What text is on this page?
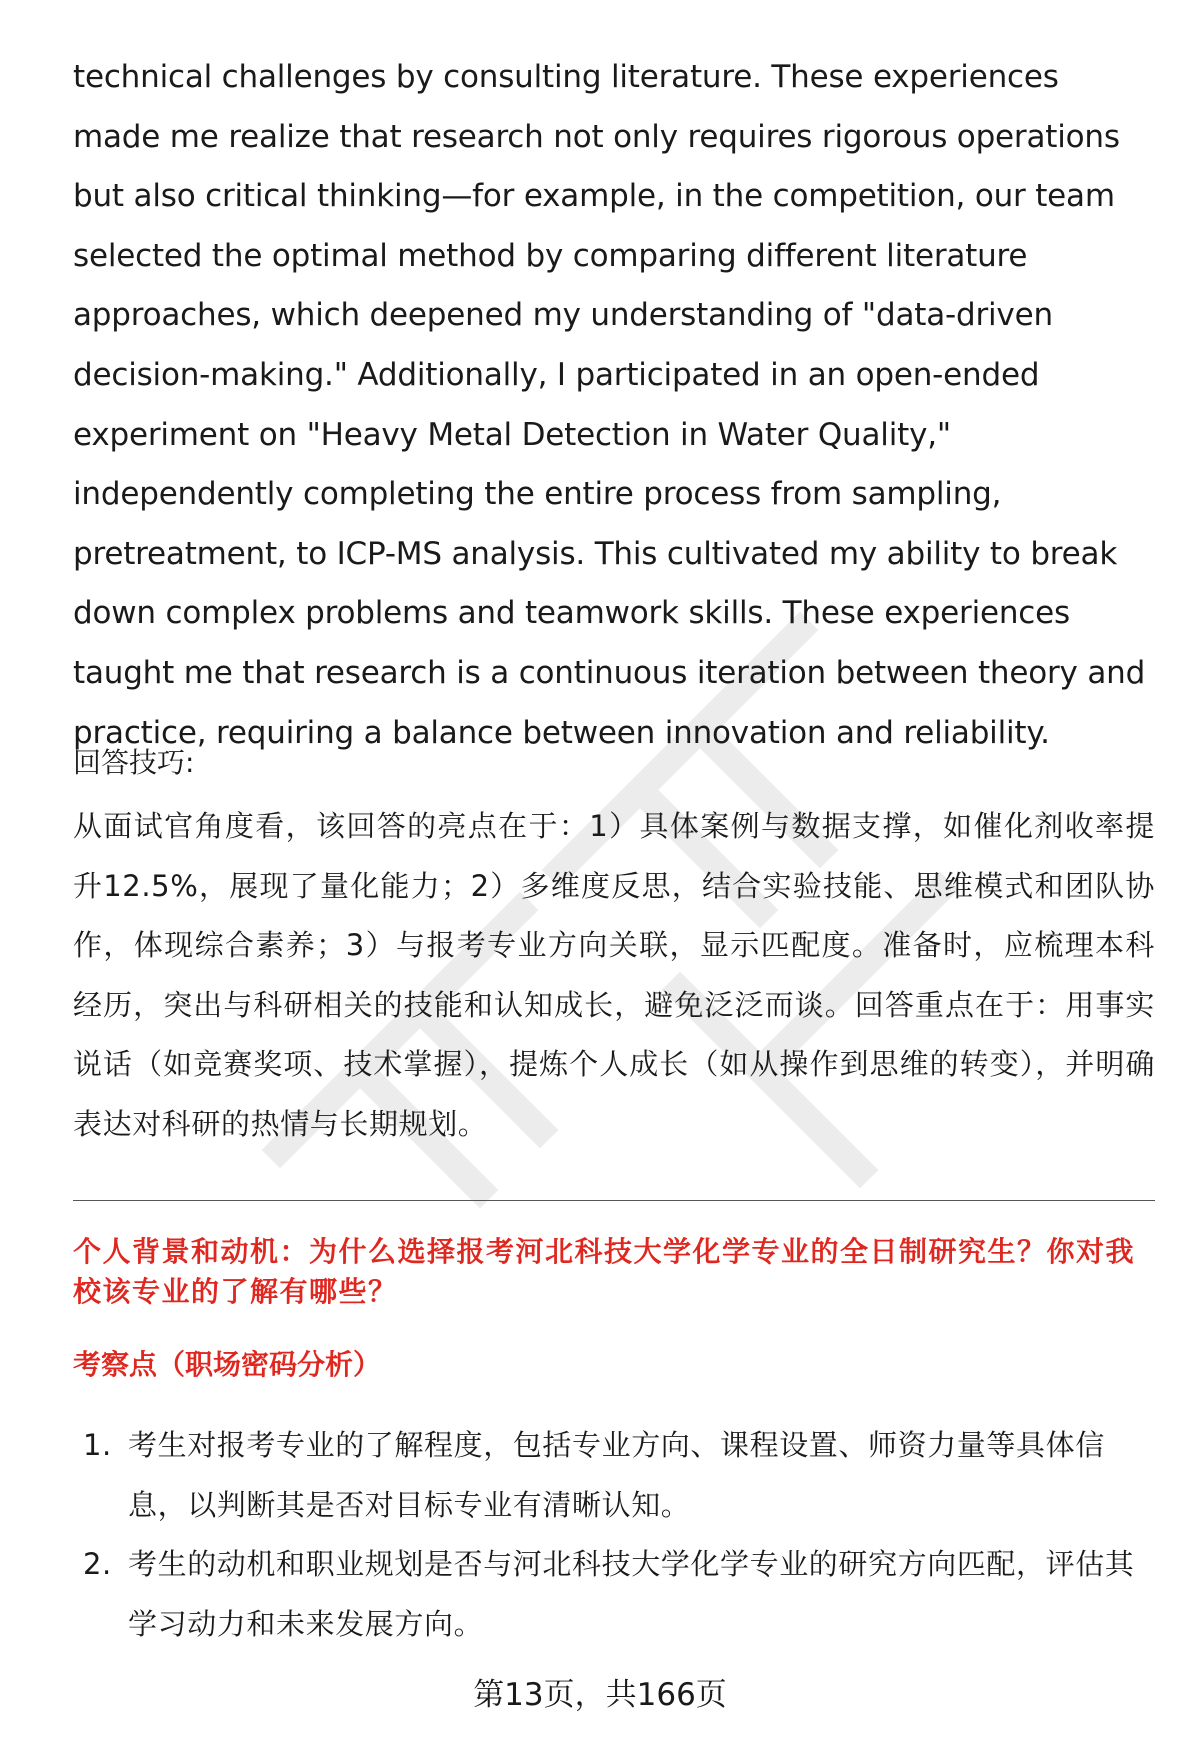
technical challenges by consulting literature. These experiences made me realize that research not only requires rigorous operations but also critical thinking—for example, in the competition, our team selected the optimal method by comparing different literature approaches, which deepened my understanding of "data-driven decision-making." Additionally, I participated in an open-ended experiment on "Heavy Metal Detection in Water Quality," independently completing the entire process from sampling, pretreatment, to ICP-MS analysis. This cultivated my ability to break down complex problems and teamwork skills. These experiences taught me that research is a continuous iteration between theory and practice, requiring a balance between innovation and reliability.

回答技巧:

从面试官角度看，该回答的亮点在于：1）具体案例与数据支撑，如催化剂收率提升12.5%，展现了量化能力；2）多维度反思，结合实验技能、思维模式和团队协作，体现综合素养；3）与报考专业方向关联，显示匹配度。准备时，应梳理本科经历，突出与科研相关的技能和认知成长，避免泛泛而谈。回答重点在于：用事实说话（如竞赛奖项、技术掌握），提炼个人成长（如从操作到思维的转变），并明确表达对科研的热情与长期规划。

个人背景和动机：为什么选择报考河北科技大学化学专业的全日制研究生？你对我校该专业的了解有哪些？

考察点（职场密码分析）

1. 考生对报考专业的了解程度，包括专业方向、课程设置、师资力量等具体信息，以判断其是否对目标专业有清晰认知。
2. 考生的动机和职业规划是否与河北科技大学化学专业的研究方向匹配，评估其学习动力和未来发展方向。
第13页，共166页
